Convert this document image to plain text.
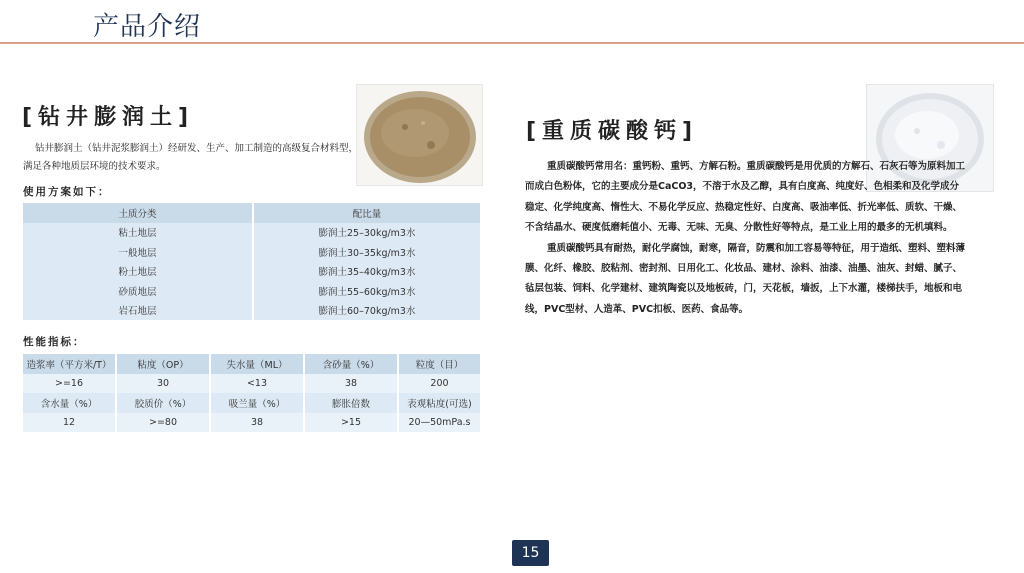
产品介绍
[钻井膨润土]

钻井膨润土（钻井泥浆膨润土）经研发、生产、加工制造的高级复合材料型，满足各种地质层环境的技术要求。

使用方案如下：
土质分类	配比量
粘土地层	膨润土25–30kg/m3水
一般地层	膨润土30–35kg/m3水
粉土地层	膨润土35–40kg/m3水
砂质地层	膨润土55–60kg/m3水
岩石地层	膨润土60–70kg/m3水
性能指标：
造浆率（平方米/T）	粘度（OP）	失水量（ML）	含砂量（%）	粒度（目）
>=16	30	<13	38	200
含水量（%）	胶质价（%）	吸兰量（%）	膨胀倍数	表观粘度(可选)
12	>=80	38	>15	20—50mPa.s
[重质碳酸钙]

重质碳酸钙常用名：重钙粉、重钙、方解石粉。重质碳酸钙是用优质的方解石、石灰石等为原料加工而成白色粉体，它的主要成分是CaCO3，不溶于水及乙醇，具有白度高、纯度好、色相柔和及化学成分稳定、化学纯度高、惰性大、不易化学反应、热稳定性好、白度高、吸油率低、折光率低、质软、干燥、不含结晶水、硬度低磨耗值小、无毒、无味、无臭、分散性好等特点，是工业上用的最多的无机填料。

重质碳酸钙具有耐热，耐化学腐蚀，耐寒，隔音，防震和加工容易等特征，用于造纸、塑料、塑料薄膜、化纤、橡胶、胶粘剂、密封剂、日用化工、化妆品、建材、涂料、油漆、油墨、油灰、封蜡、腻子、毡层包装、饲料、化学建材、建筑陶瓷以及地板砖，门，天花板，墙扳，上下水灌，楼梯扶手，地板和电线，PVC型材、人造革、PVC扣板、医药、食品等。

15
